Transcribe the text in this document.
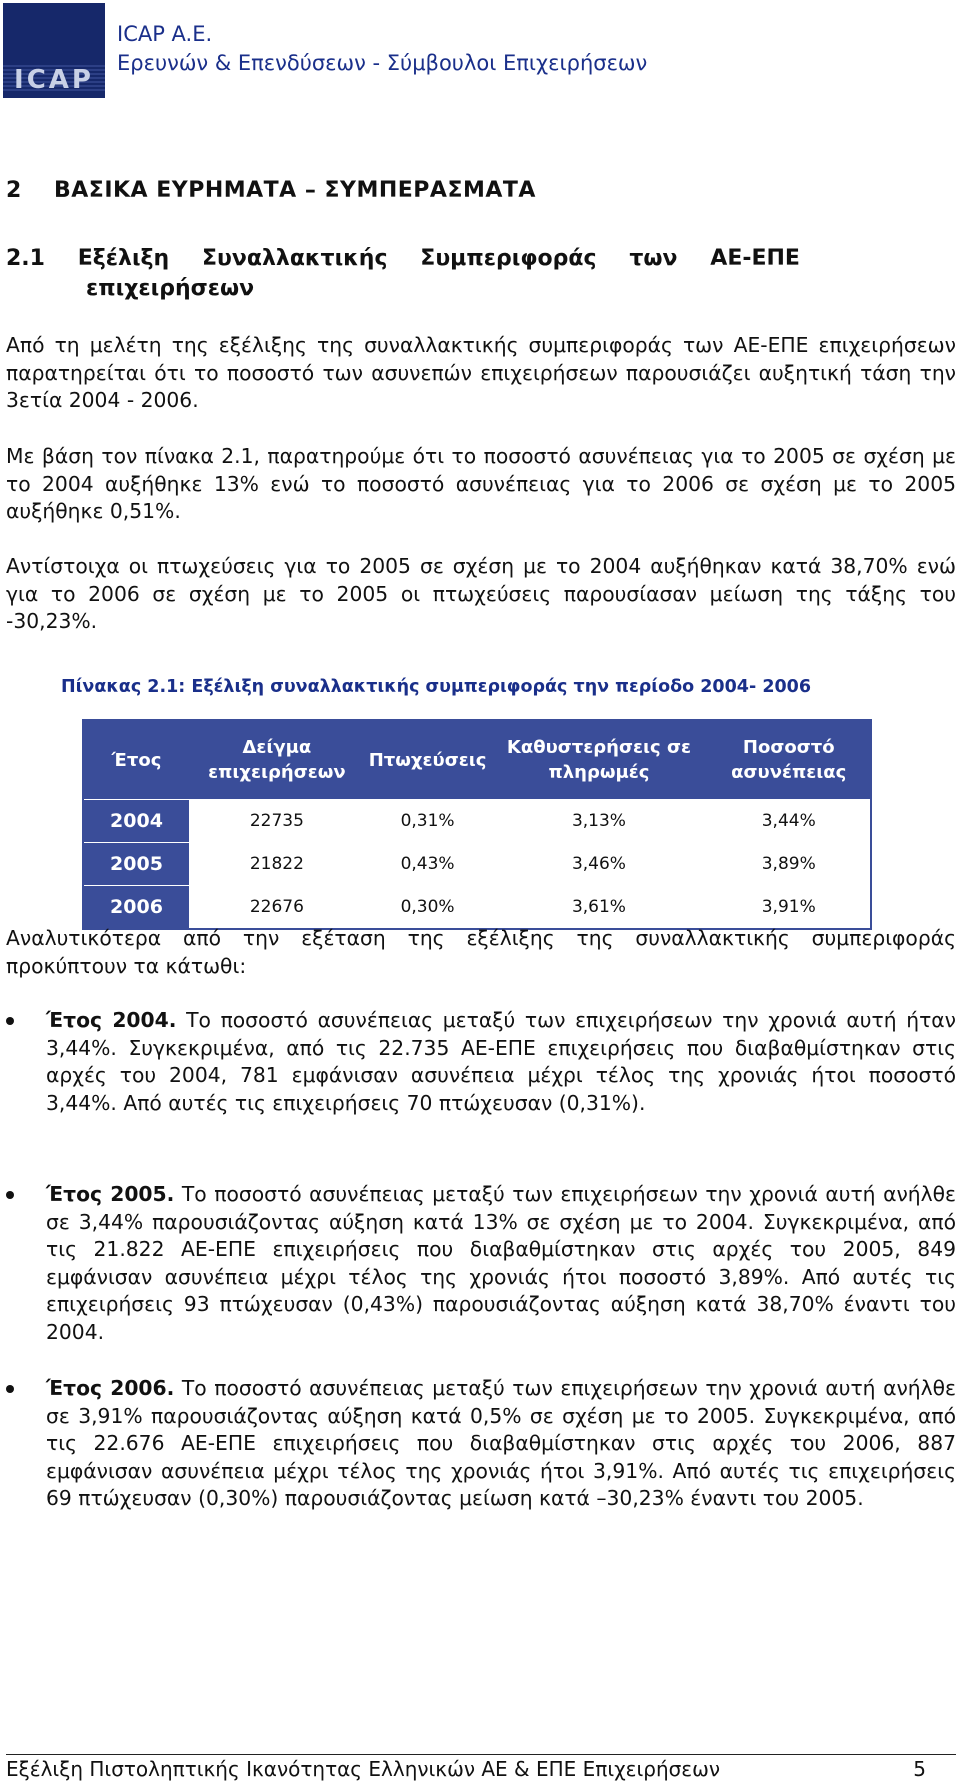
ICAP
ICAP A.E.
Ερευνών & Επενδύσεων - Σύμβουλοι Επιχειρήσεων
2 ΒΑΣΙΚΑ ΕΥΡΗΜΑΤΑ – ΣΥΜΠΕΡΑΣΜΑΤΑ
2.1 Εξέλιξη Συναλλακτικής Συμπεριφοράς των ΑΕ-ΕΠΕ
επιχειρήσεων

Από τη μελέτη της εξέλιξης της συναλλακτικής συμπεριφοράς των ΑΕ-ΕΠΕ επιχειρήσεων παρατηρείται ότι το ποσοστό των ασυνεπών επιχειρήσεων παρουσιάζει αυξητική τάση την 3ετία 2004 - 2006.

Με βάση τον πίνακα 2.1, παρατηρούμε ότι το ποσοστό ασυνέπειας για το 2005 σε σχέση με το 2004 αυξήθηκε 13% ενώ το ποσοστό ασυνέπειας για το 2006 σε σχέση με το 2005 αυξήθηκε 0,51%.

Αντίστοιχα οι πτωχεύσεις για το 2005 σε σχέση με το 2004 αυξήθηκαν κατά 38,70% ενώ για το 2006 σε σχέση με το 2005 οι πτωχεύσεις παρουσίασαν μείωση της τάξης του -30,23%.

Πίνακας 2.1: Εξέλιξη συναλλακτικής συμπεριφοράς την περίοδο 2004- 2006
Έτος	Δείγμα επιχειρήσεων	Πτωχεύσεις	Καθυστερήσεις σε πληρωμές	Ποσοστό ασυνέπειας
2004	22735	0,31%	3,13%	3,44%
2005	21822	0,43%	3,46%	3,89%
2006	22676	0,30%	3,61%	3,91%

Αναλυτικότερα από την εξέταση της εξέλιξης της συναλλακτικής συμπεριφοράς προκύπτουν τα κάτωθι:

Έτος 2004. Το ποσοστό ασυνέπειας μεταξύ των επιχειρήσεων την χρονιά αυτή ήταν 3,44%. Συγκεκριμένα, από τις 22.735 ΑΕ-ΕΠΕ επιχειρήσεις που διαβαθμίστηκαν στις αρχές του 2004, 781 εμφάνισαν ασυνέπεια μέχρι τέλος της χρονιάς ήτοι ποσοστό 3,44%. Από αυτές τις επιχειρήσεις 70 πτώχευσαν (0,31%).
Έτος 2005. Το ποσοστό ασυνέπειας μεταξύ των επιχειρήσεων την χρονιά αυτή ανήλθε σε 3,44% παρουσιάζοντας αύξηση κατά 13% σε σχέση με το 2004. Συγκεκριμένα, από τις 21.822 ΑΕ-ΕΠΕ επιχειρήσεις που διαβαθμίστηκαν στις αρχές του 2005, 849 εμφάνισαν ασυνέπεια μέχρι τέλος της χρονιάς ήτοι ποσοστό 3,89%. Από αυτές τις επιχειρήσεις 93 πτώχευσαν (0,43%) παρουσιάζοντας αύξηση κατά 38,70% έναντι του 2004.
Έτος 2006. Το ποσοστό ασυνέπειας μεταξύ των επιχειρήσεων την χρονιά αυτή ανήλθε σε 3,91% παρουσιάζοντας αύξηση κατά 0,5% σε σχέση με το 2005. Συγκεκριμένα, από τις 22.676 ΑΕ-ΕΠΕ επιχειρήσεις που διαβαθμίστηκαν στις αρχές του 2006, 887 εμφάνισαν ασυνέπεια μέχρι τέλος της χρονιάς ήτοι 3,91%. Από αυτές τις επιχειρήσεις 69 πτώχευσαν (0,30%) παρουσιάζοντας μείωση κατά –30,23% έναντι του 2005.
Εξέλιξη Πιστοληπτικής Ικανότητας Ελληνικών ΑΕ & ΕΠΕ Επιχειρήσεων	5
